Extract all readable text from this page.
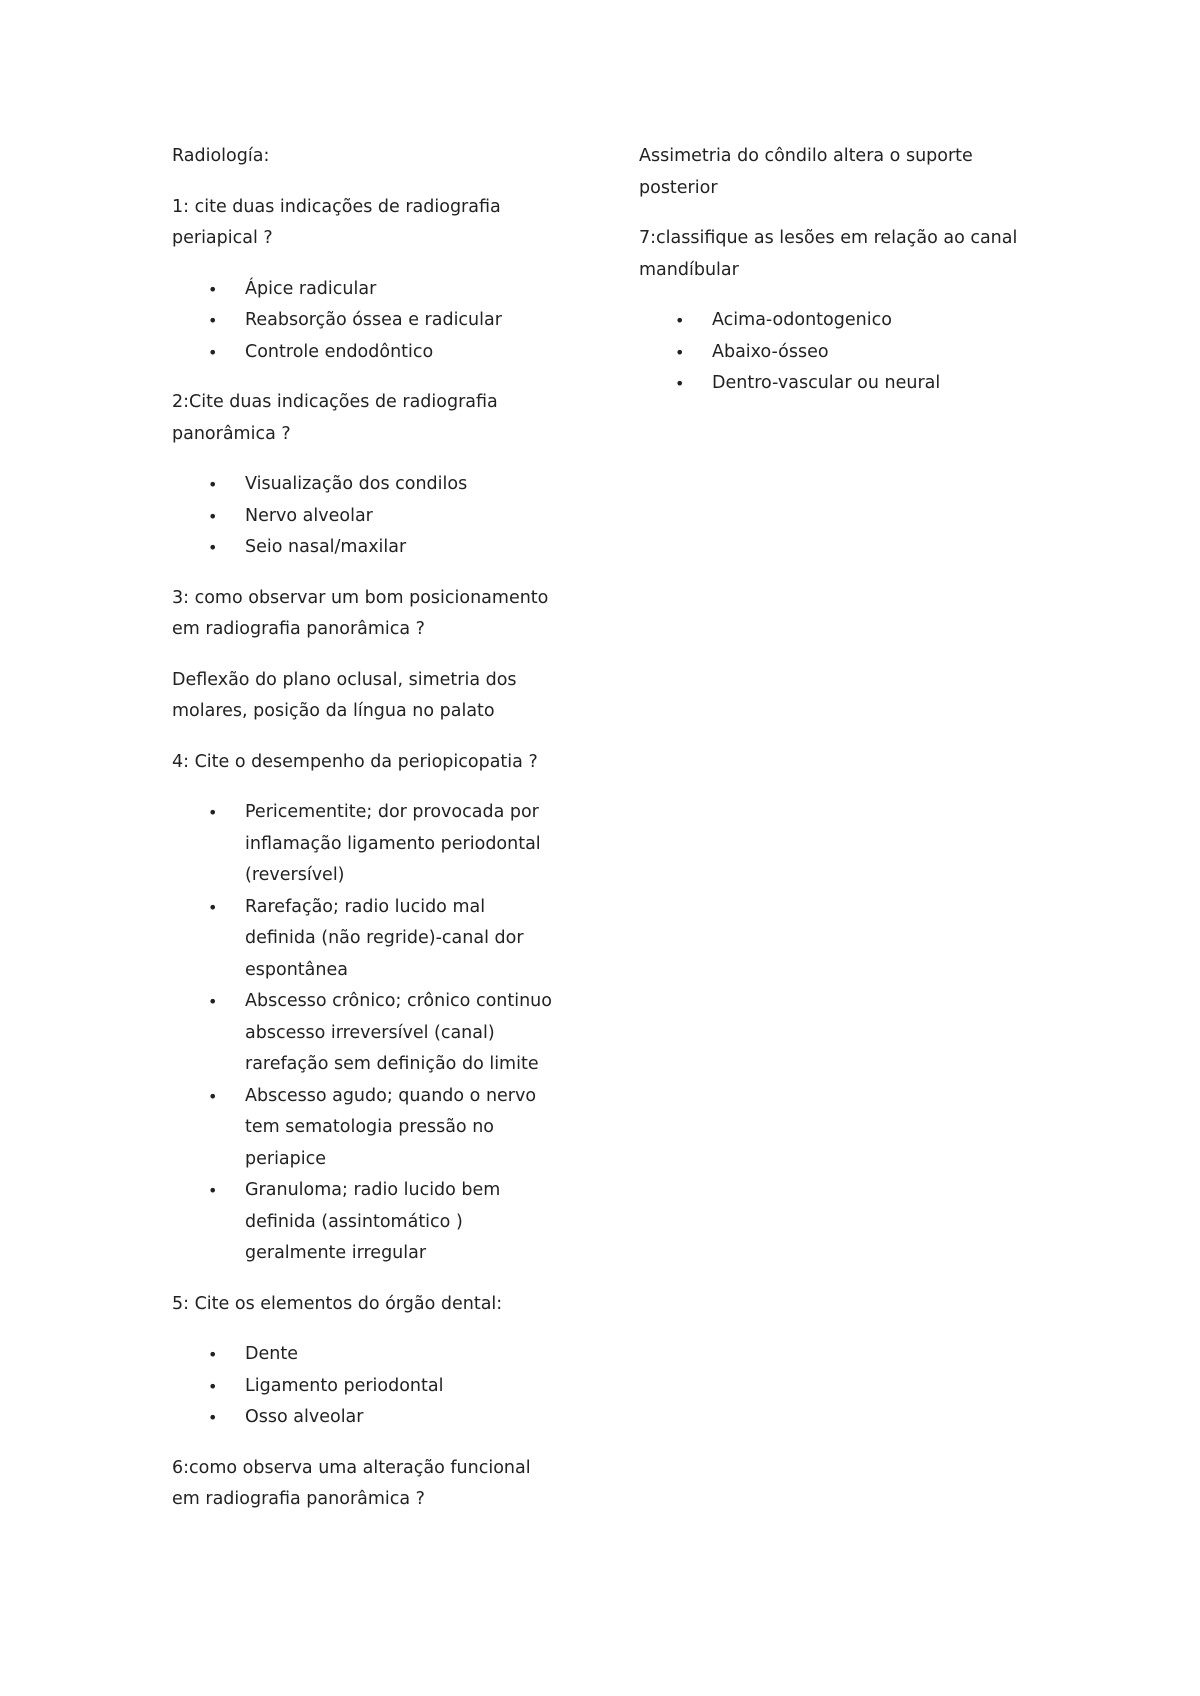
Radiología:

1: cite duas indicações de radiografia
periapical ?

• Ápice radicular
• Reabsorção óssea e radicular
• Controle endodôntico

2:Cite duas indicações de radiografia
panorâmica ?

• Visualização dos condilos
• Nervo alveolar
• Seio nasal/maxilar

3: como observar um bom posicionamento
em radiografia panorâmica ?

Deflexão do plano oclusal, simetria dos
molares, posição da língua no palato

4: Cite o desempenho da periopicopatia ?

• Pericementite; dor provocada por
inflamação ligamento periodontal
(reversível)
• Rarefação; radio lucido mal
definida (não regride)-canal dor
espontânea
• Abscesso crônico; crônico continuo
abscesso irreversível (canal)
rarefação sem definição do limite
• Abscesso agudo; quando o nervo
tem sematologia pressão no
periapice
• Granuloma; radio lucido bem
definida (assintomático )
geralmente irregular

5: Cite os elementos do órgão dental:

• Dente
• Ligamento periodontal
• Osso alveolar

6:como observa uma alteração funcional
em radiografia panorâmica ?

Assimetria do côndilo altera o suporte
posterior

7:classifique as lesões em relação ao canal
mandíbular

• Acima-odontogenico
• Abaixo-ósseo
• Dentro-vascular ou neural
